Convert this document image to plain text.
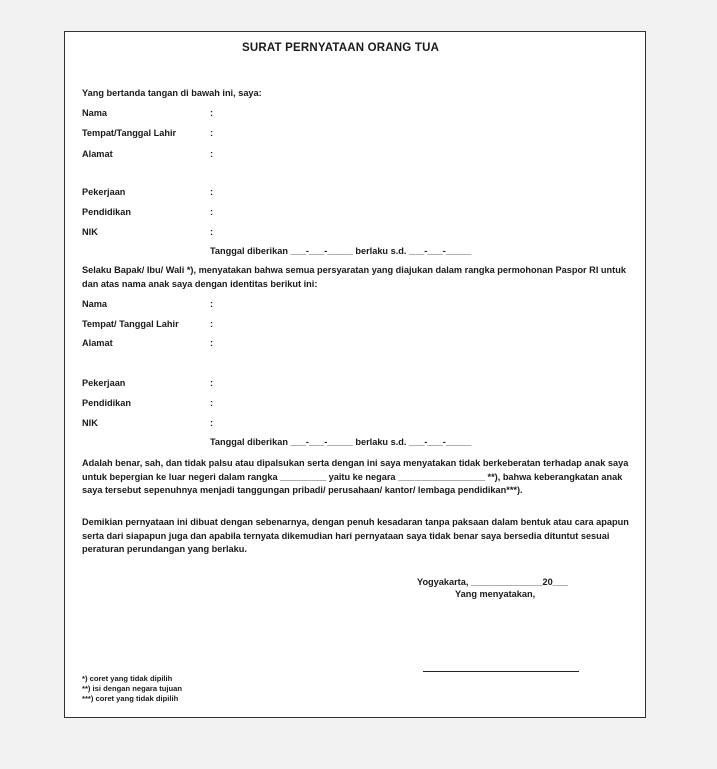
SURAT PERNYATAAN ORANG TUA
Yang bertanda tangan di bawah ini, saya:
Nama	:
Tempat/Tanggal Lahir	:
Alamat	:
Pekerjaan	:
Pendidikan	:
NIK	:
Tanggal diberikan ___-___-_____ berlaku s.d. ___-___-_____
Selaku Bapak/ Ibu/ Wali *), menyatakan bahwa semua persyaratan yang diajukan dalam rangka permohonan Paspor RI untuk dan atas nama anak saya dengan identitas berikut ini:
Nama	:
Tempat/ Tanggal Lahir	:
Alamat	:
Pekerjaan	:
Pendidikan	:
NIK	:
Tanggal diberikan ___-___-_____ berlaku s.d. ___-___-_____
Adalah benar, sah, dan tidak palsu atau dipalsukan serta dengan ini saya menyatakan tidak berkeberatan terhadap anak saya untuk bepergian ke luar negeri dalam rangka _________ yaitu ke negara _________________ **), bahwa keberangkatan anak saya tersebut sepenuhnya menjadi tanggungan pribadi/ perusahaan/ kantor/ lembaga pendidikan***).
Demikian pernyataan ini dibuat dengan sebenarnya, dengan penuh kesadaran tanpa paksaan dalam bentuk atau cara apapun serta dari siapapun juga dan apabila ternyata dikemudian hari pernyataan saya tidak benar saya bersedia dituntut sesuai peraturan perundangan yang berlaku.
Yogyakarta, ______________20___
Yang menyatakan,
*) coret yang tidak dipilih
**) isi dengan negara tujuan
***) coret yang tidak dipilih
